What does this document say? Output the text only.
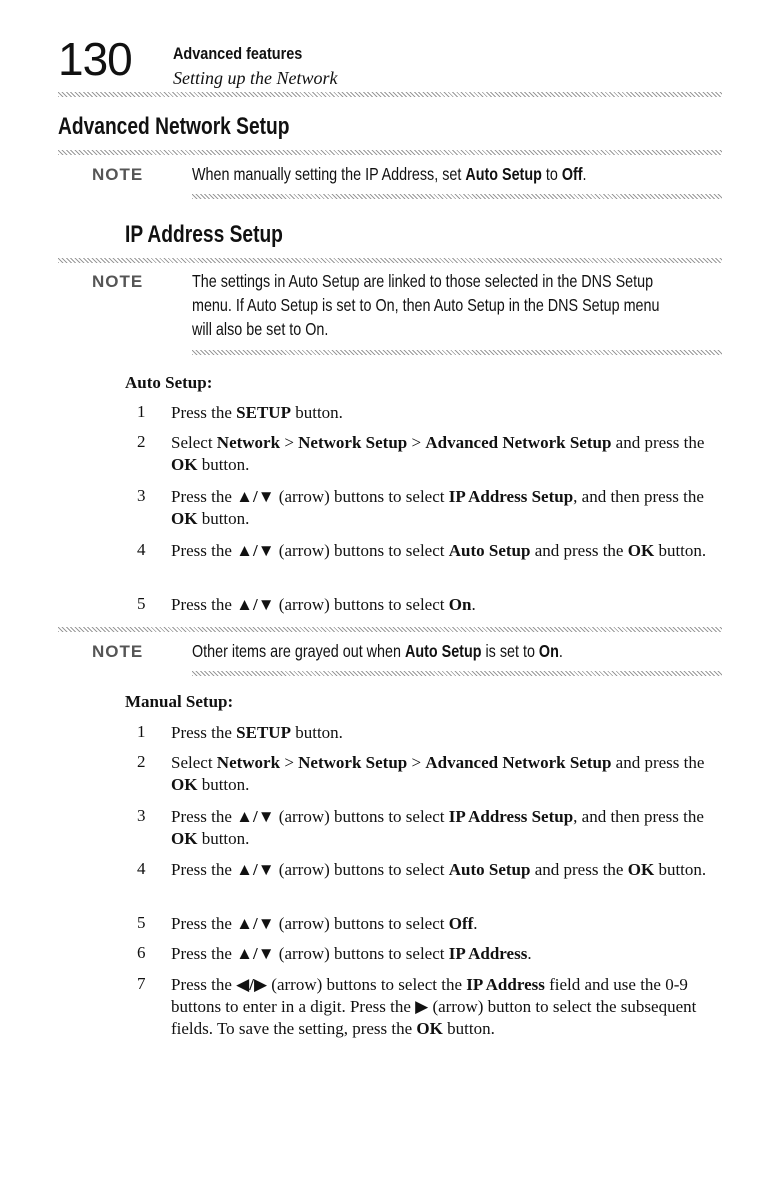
130 Advanced features
Setting up the Network
Advanced Network Setup
NOTE	When manually setting the IP Address, set Auto Setup to Off.
IP Address Setup
NOTE	The settings in Auto Setup are linked to those selected in the DNS Setup
menu. If Auto Setup is set to On, then Auto Setup in the DNS Setup menu
will also be set to On.
Auto Setup:
1 Press the SETUP button.
2 Select Network > Network Setup > Advanced Network Setup and press the OK button.
3 Press the ▲/▼ (arrow) buttons to select IP Address Setup, and then press the OK button.
4 Press the ▲/▼ (arrow) buttons to select Auto Setup and press the OK button.
5 Press the ▲/▼ (arrow) buttons to select On.
NOTE	Other items are grayed out when Auto Setup is set to On.
Manual Setup:
1 Press the SETUP button.
2 Select Network > Network Setup > Advanced Network Setup and press the OK button.
3 Press the ▲/▼ (arrow) buttons to select IP Address Setup, and then press the OK button.
4 Press the ▲/▼ (arrow) buttons to select Auto Setup and press the OK button.
5 Press the ▲/▼ (arrow) buttons to select Off.
6 Press the ▲/▼ (arrow) buttons to select IP Address.
7 Press the ◀/▶ (arrow) buttons to select the IP Address field and use the 0-9 buttons to enter in a digit. Press the ▶ (arrow) button to select the subsequent fields. To save the setting, press the OK button.
